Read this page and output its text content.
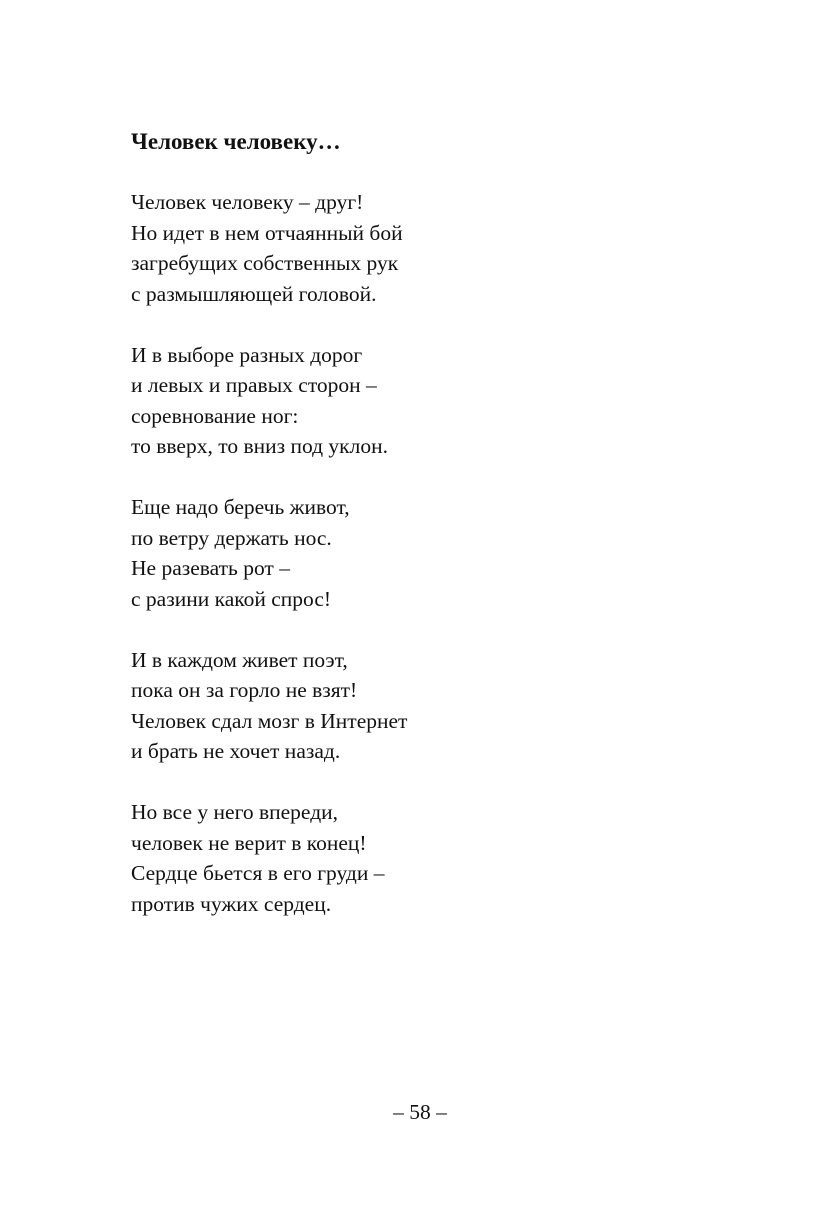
Человек человеку…
Человек человеку – друг!
Но идет в нем отчаянный бой
загребущих собственных рук
с размышляющей головой.
И в выборе разных дорог
и левых и правых сторон –
соревнование ног:
то вверх, то вниз под уклон.
Еще надо беречь живот,
по ветру держать нос.
Не разевать рот –
с разини какой спрос!
И в каждом живет поэт,
пока он за горло не взят!
Человек сдал мозг в Интернет
и брать не хочет назад.
Но все у него впереди,
человек не верит в конец!
Сердце бьется в его груди –
против чужих сердец.
– 58 –
